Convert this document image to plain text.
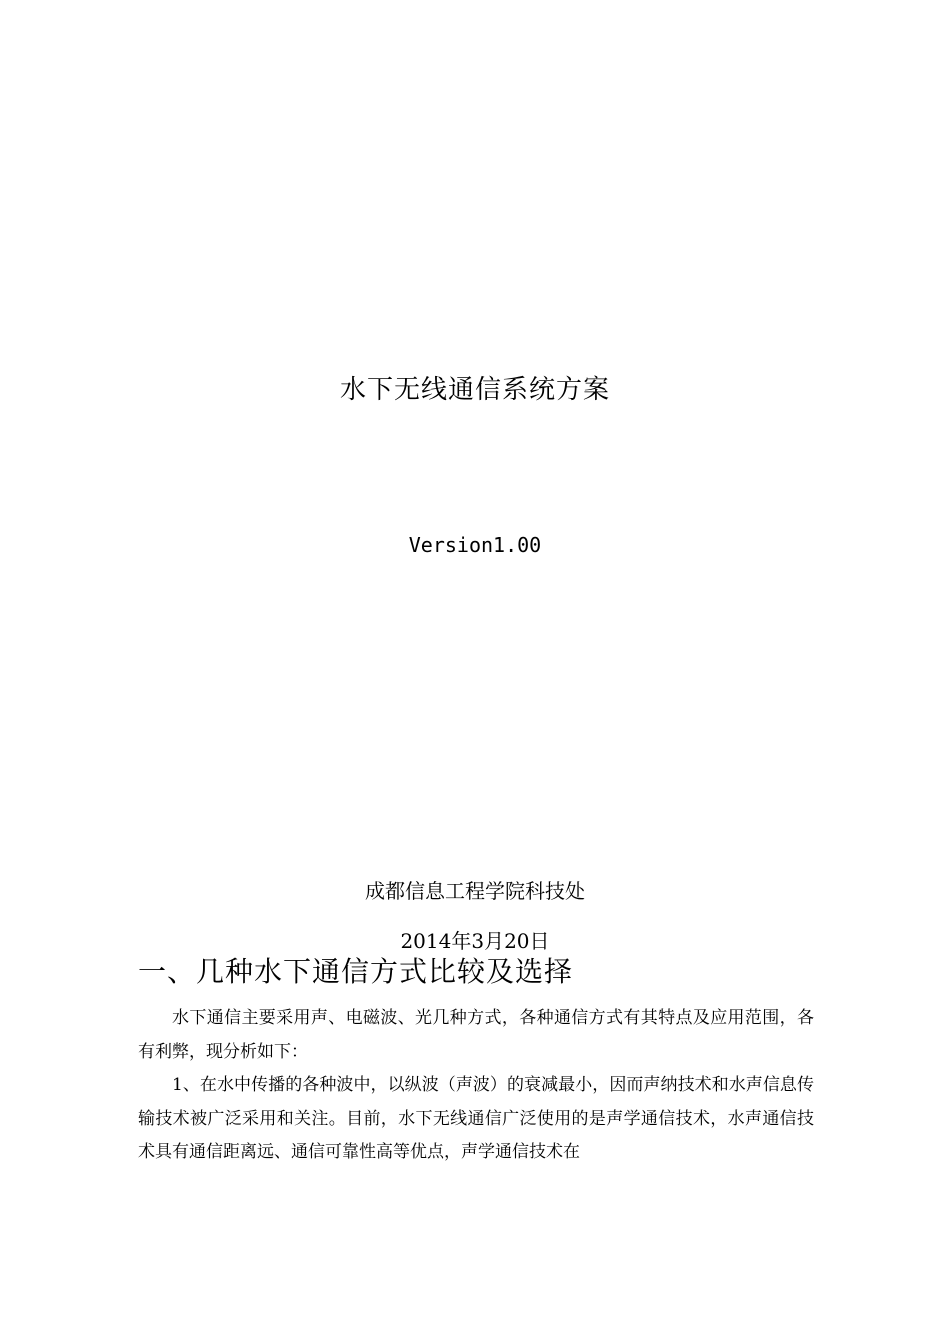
水下无线通信系统方案
Version1.00
成都信息工程学院科技处
2014年3月20日
一、几种水下通信方式比较及选择

水下通信主要采用声、电磁波、光几种方式，各种通信方式有其特点及应用范围，各有利弊，现分析如下：

1、在水中传播的各种波中，以纵波（声波）的衰减最小，因而声纳技术和水声信息传输技术被广泛采用和关注。目前，水下无线通信广泛使用的是声学通信技术，水声通信技术具有通信距离远、通信可靠性高等优点，声学通信技术在
